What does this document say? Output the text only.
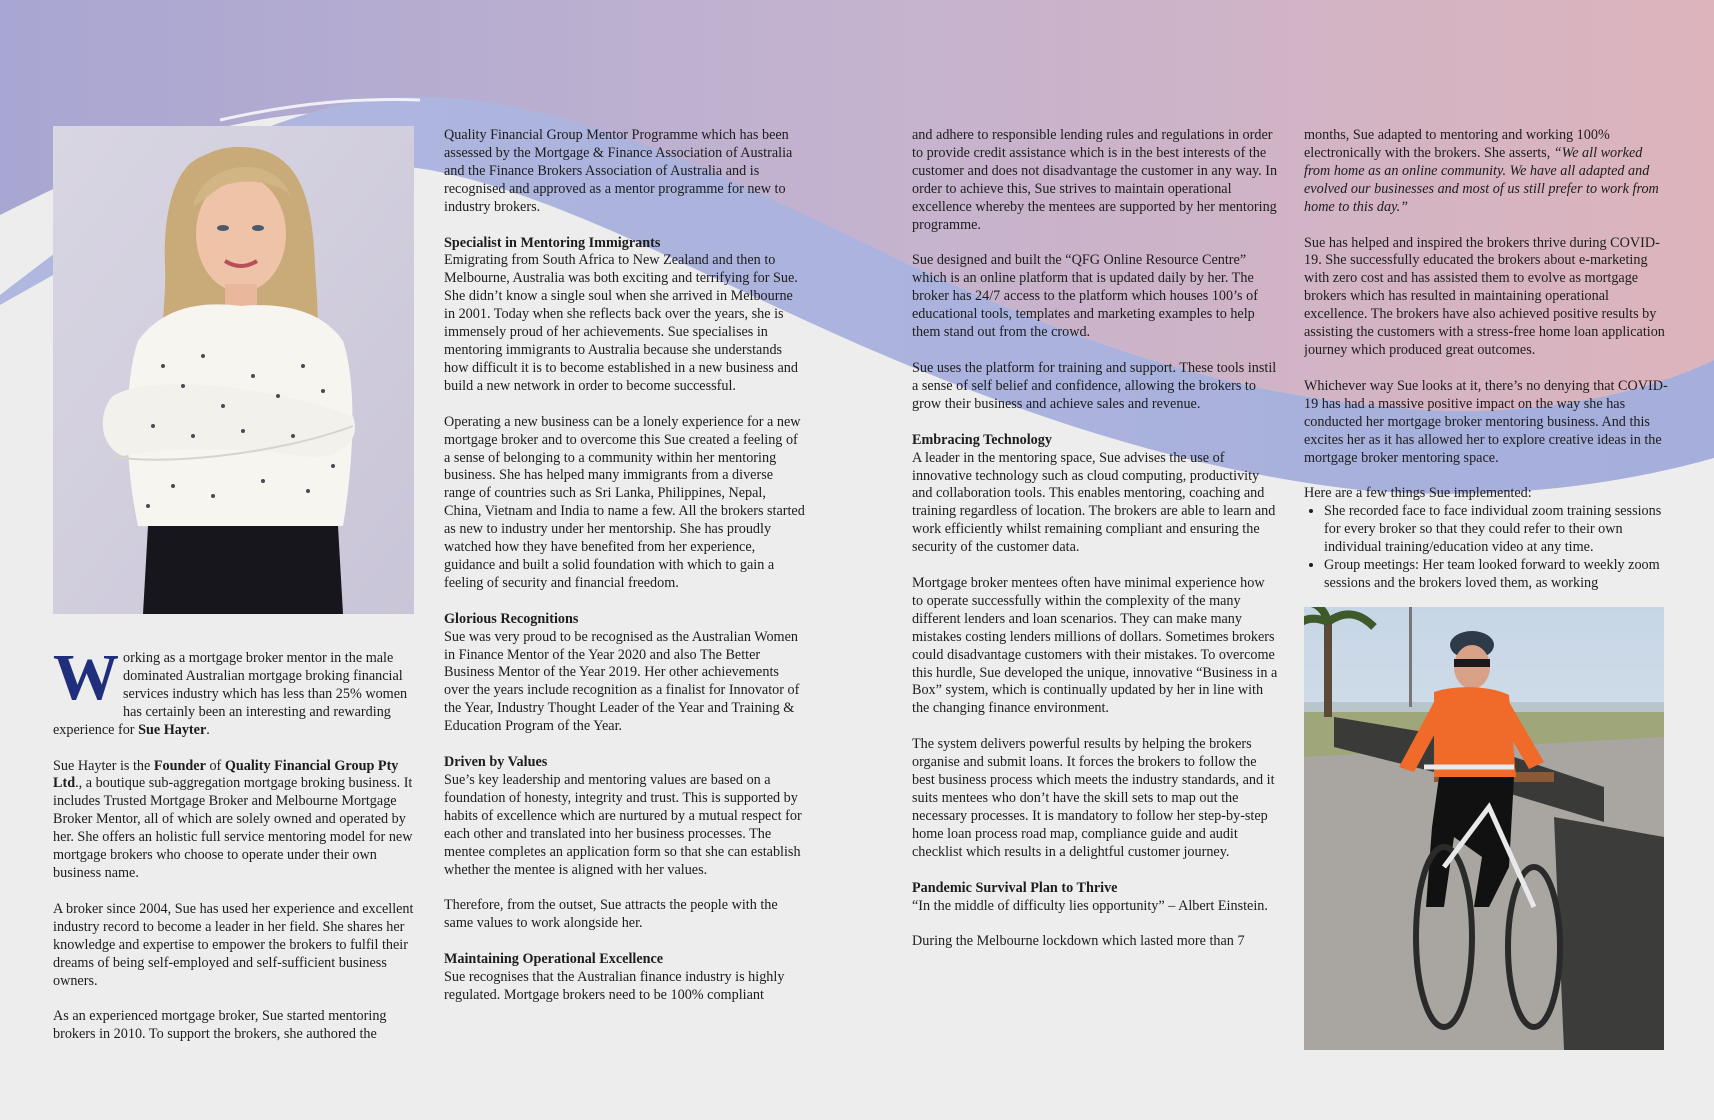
Working as a mortgage broker mentor in the male dominated Australian mortgage broking financial services industry which has less than 25% women has certainly been an interesting and rewarding experience for Sue Hayter.

Sue Hayter is the Founder of Quality Financial Group Pty Ltd., a boutique sub-aggregation mortgage broking business. It includes Trusted Mortgage Broker and Melbourne Mortgage Broker Mentor, all of which are solely owned and operated by her. She offers an holistic full service mentoring model for new mortgage brokers who choose to operate under their own business name.

A broker since 2004, Sue has used her experience and excellent industry record to become a leader in her field. She shares her knowledge and expertise to empower the brokers to fulfil their dreams of being self-employed and self-sufficient business owners.

As an experienced mortgage broker, Sue started mentoring brokers in 2010. To support the brokers, she authored the

Quality Financial Group Mentor Programme which has been assessed by the Mortgage & Finance Association of Australia and the Finance Brokers Association of Australia and is recognised and approved as a mentor programme for new to industry brokers.

Specialist in Mentoring Immigrants

Emigrating from South Africa to New Zealand and then to Melbourne, Australia was both exciting and terrifying for Sue. She didn’t know a single soul when she arrived in Melbourne in 2001. Today when she reflects back over the years, she is immensely proud of her achievements. Sue specialises in mentoring immigrants to Australia because she understands how difficult it is to become established in a new business and build a new network in order to become successful.

Operating a new business can be a lonely experience for a new mortgage broker and to overcome this Sue created a feeling of a sense of belonging to a community within her mentoring business. She has helped many immigrants from a diverse range of countries such as Sri Lanka, Philippines, Nepal, China, Vietnam and India to name a few. All the brokers started as new to industry under her mentorship. She has proudly watched how they have benefited from her experience, guidance and built a solid foundation with which to gain a feeling of security and financial freedom.

Glorious Recognitions

Sue was very proud to be recognised as the Australian Women in Finance Mentor of the Year 2020 and also The Better Business Mentor of the Year 2019. Her other achievements over the years include recognition as a finalist for Innovator of the Year, Industry Thought Leader of the Year and Training & Education Program of the Year.

Driven by Values

Sue’s key leadership and mentoring values are based on a foundation of honesty, integrity and trust. This is supported by habits of excellence which are nurtured by a mutual respect for each other and translated into her business processes. The mentee completes an application form so that she can establish whether the mentee is aligned with her values.

Therefore, from the outset, Sue attracts the people with the same values to work alongside her.

Maintaining Operational Excellence

Sue recognises that the Australian finance industry is highly regulated. Mortgage brokers need to be 100% compliant

and adhere to responsible lending rules and regulations in order to provide credit assistance which is in the best interests of the customer and does not disadvantage the customer in any way. In order to achieve this, Sue strives to maintain operational excellence whereby the mentees are supported by her mentoring programme.

Sue designed and built the “QFG Online Resource Centre” which is an online platform that is updated daily by her. The broker has 24/7 access to the platform which houses 100’s of educational tools, templates and marketing examples to help them stand out from the crowd.

Sue uses the platform for training and support. These tools instil a sense of self belief and confidence, allowing the brokers to grow their business and achieve sales and revenue.

Embracing Technology

A leader in the mentoring space, Sue advises the use of innovative technology such as cloud computing, productivity and collaboration tools. This enables mentoring, coaching and training regardless of location. The brokers are able to learn and work efficiently whilst remaining compliant and ensuring the security of the customer data.

Mortgage broker mentees often have minimal experience how to operate successfully within the complexity of the many different lenders and loan scenarios. They can make many mistakes costing lenders millions of dollars. Sometimes brokers could disadvantage customers with their mistakes. To overcome this hurdle, Sue developed the unique, innovative “Business in a Box” system, which is continually updated by her in line with the changing finance environment.

The system delivers powerful results by helping the brokers organise and submit loans. It forces the brokers to follow the best business process which meets the industry standards, and it suits mentees who don’t have the skill sets to map out the necessary processes. It is mandatory to follow her step-by-step home loan process road map, compliance guide and audit checklist which results in a delightful customer journey.

Pandemic Survival Plan to Thrive

“In the middle of difficulty lies opportunity” – Albert Einstein.

During the Melbourne lockdown which lasted more than 7

months, Sue adapted to mentoring and working 100% electronically with the brokers. She asserts, “We all worked from home as an online community. We have all adapted and evolved our businesses and most of us still prefer to work from home to this day.”

Sue has helped and inspired the brokers thrive during COVID-19. She successfully educated the brokers about e-marketing with zero cost and has assisted them to evolve as mortgage brokers which has resulted in maintaining operational excellence. The brokers have also achieved positive results by assisting the customers with a stress-free home loan application journey which produced great outcomes.

Whichever way Sue looks at it, there’s no denying that COVID-19 has had a massive positive impact on the way she has conducted her mortgage broker mentoring business. And this excites her as it has allowed her to explore creative ideas in the mortgage broker mentoring space.

Here are a few things Sue implemented:

• She recorded face to face individual zoom training sessions for every broker so that they could refer to their own individual training/education video at any time.
• Group meetings: Her team looked forward to weekly zoom sessions and the brokers loved them, as working
